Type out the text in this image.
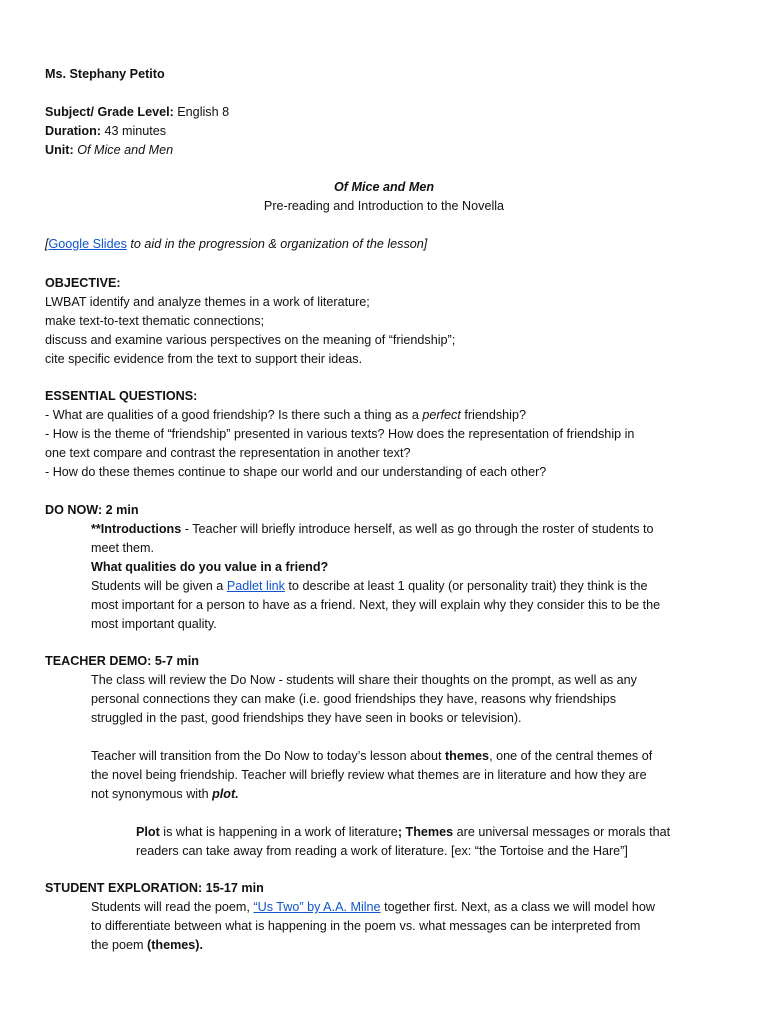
Ms. Stephany Petito
Subject/ Grade Level: English 8
Duration: 43 minutes
Unit: Of Mice and Men
Of Mice and Men
Pre-reading and Introduction to the Novella
[Google Slides to aid in the progression & organization of the lesson]
OBJECTIVE:
LWBAT identify and analyze themes in a work of literature;
make text-to-text thematic connections;
discuss and examine various perspectives on the meaning of “friendship”;
cite specific evidence from the text to support their ideas.
ESSENTIAL QUESTIONS:
- What are qualities of a good friendship? Is there such a thing as a perfect friendship?
- How is the theme of “friendship” presented in various texts? How does the representation of friendship in
one text compare and contrast the representation in another text?
- How do these themes continue to shape our world and our understanding of each other?
DO NOW: 2 min
**Introductions - Teacher will briefly introduce herself, as well as go through the roster of students to
meet them.
What qualities do you value in a friend?
Students will be given a Padlet link to describe at least 1 quality (or personality trait) they think is the
most important for a person to have as a friend. Next, they will explain why they consider this to be the
most important quality.
TEACHER DEMO: 5-7 min
The class will review the Do Now - students will share their thoughts on the prompt, as well as any
personal connections they can make (i.e. good friendships they have, reasons why friendships
struggled in the past, good friendships they have seen in books or television).
Teacher will transition from the Do Now to today’s lesson about themes, one of the central themes of
the novel being friendship. Teacher will briefly review what themes are in literature and how they are
not synonymous with plot.
Plot is what is happening in a work of literature; Themes are universal messages or morals that
readers can take away from reading a work of literature. [ex: “the Tortoise and the Hare”]
STUDENT EXPLORATION: 15-17 min
Students will read the poem, “Us Two” by A.A. Milne together first. Next, as a class we will model how
to differentiate between what is happening in the poem vs. what messages can be interpreted from
the poem (themes).
